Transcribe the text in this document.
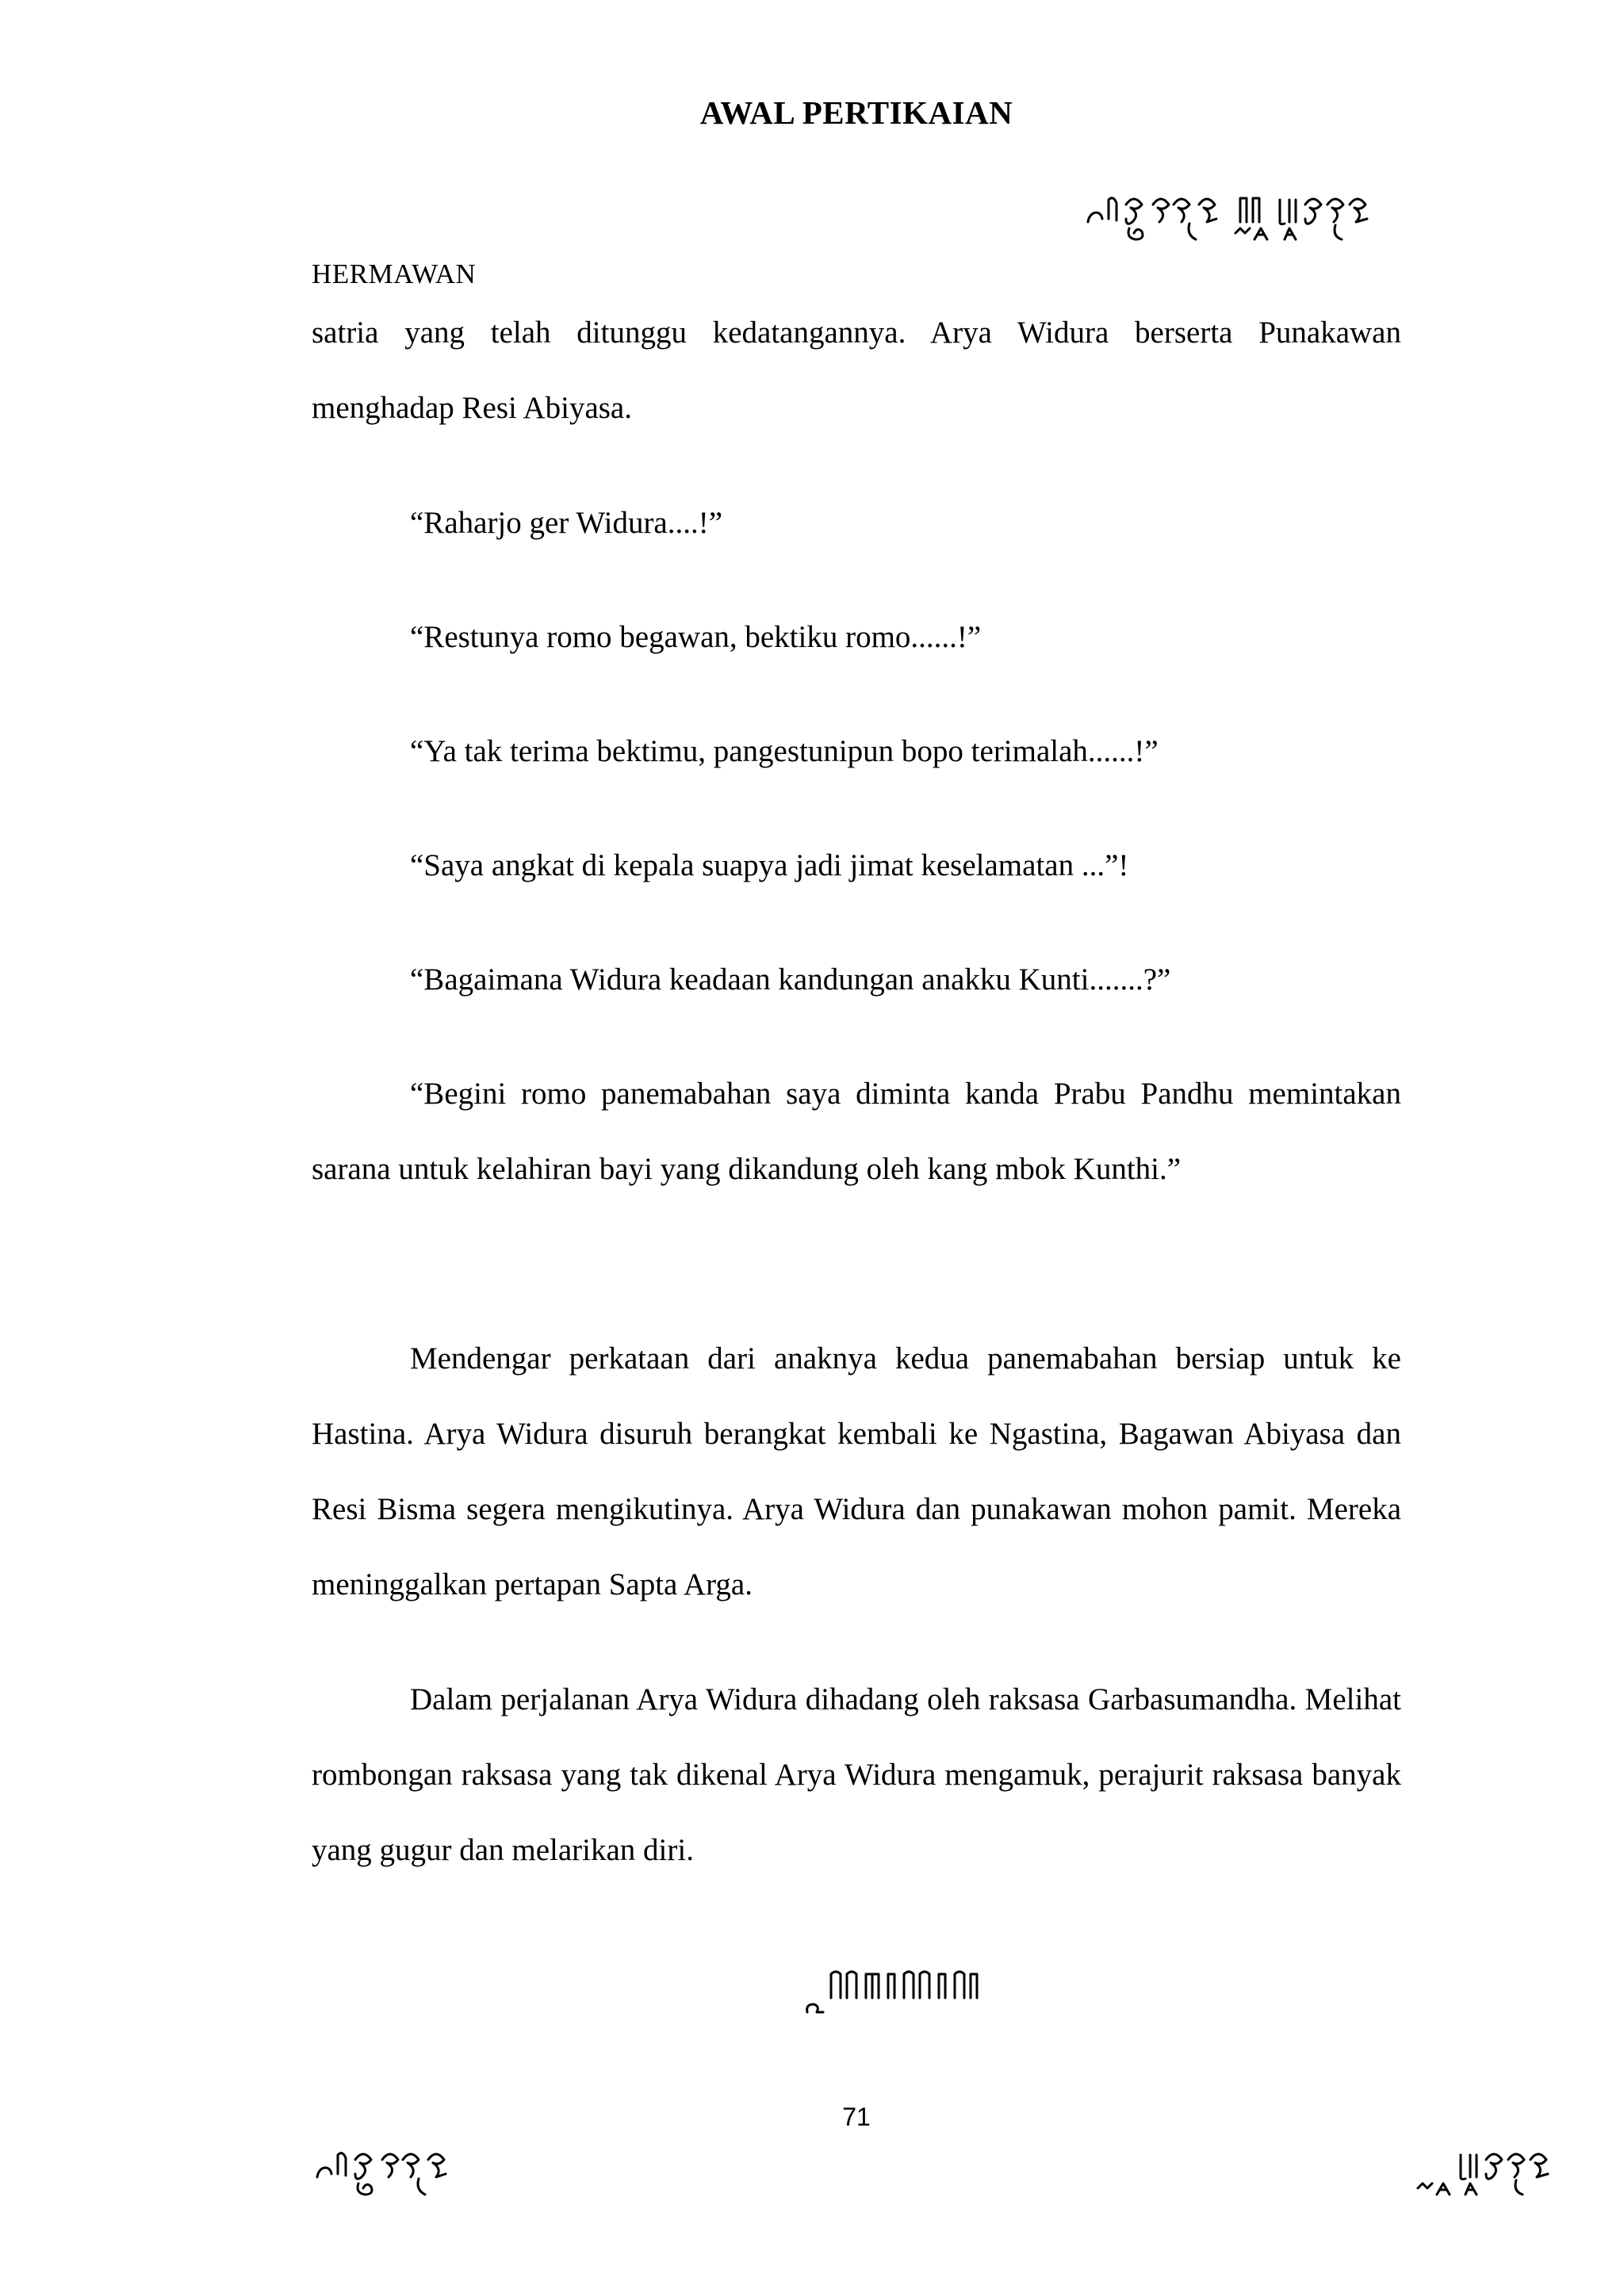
AWAL PERTIKAIAN
HERMAWAN

satria yang telah ditunggu kedatangannya. Arya Widura berserta Punakawan menghadap Resi Abiyasa.

“Raharjo ger Widura....!”

“Restunya romo begawan, bektiku romo......!”

“Ya tak terima bektimu, pangestunipun bopo terimalah......!”

“Saya angkat di kepala suapya jadi jimat keselamatan ...”!

“Bagaimana Widura keadaan kandungan anakku Kunti.......?”

“Begini romo panemabahan saya diminta kanda Prabu Pandhu memintakan sarana untuk kelahiran bayi yang dikandung oleh kang mbok Kunthi.”

Mendengar perkataan dari anaknya kedua panemabahan bersiap untuk ke Hastina. Arya Widura disuruh berangkat kembali ke Ngastina, Bagawan Abiyasa dan Resi Bisma segera mengikutinya. Arya Widura dan punakawan mohon pamit. Mereka meninggalkan pertapan Sapta Arga.

Dalam perjalanan Arya Widura dihadang oleh raksasa Garbasumandha. Melihat rombongan raksasa yang tak dikenal Arya Widura mengamuk, perajurit raksasa banyak yang gugur dan melarikan diri.

71
